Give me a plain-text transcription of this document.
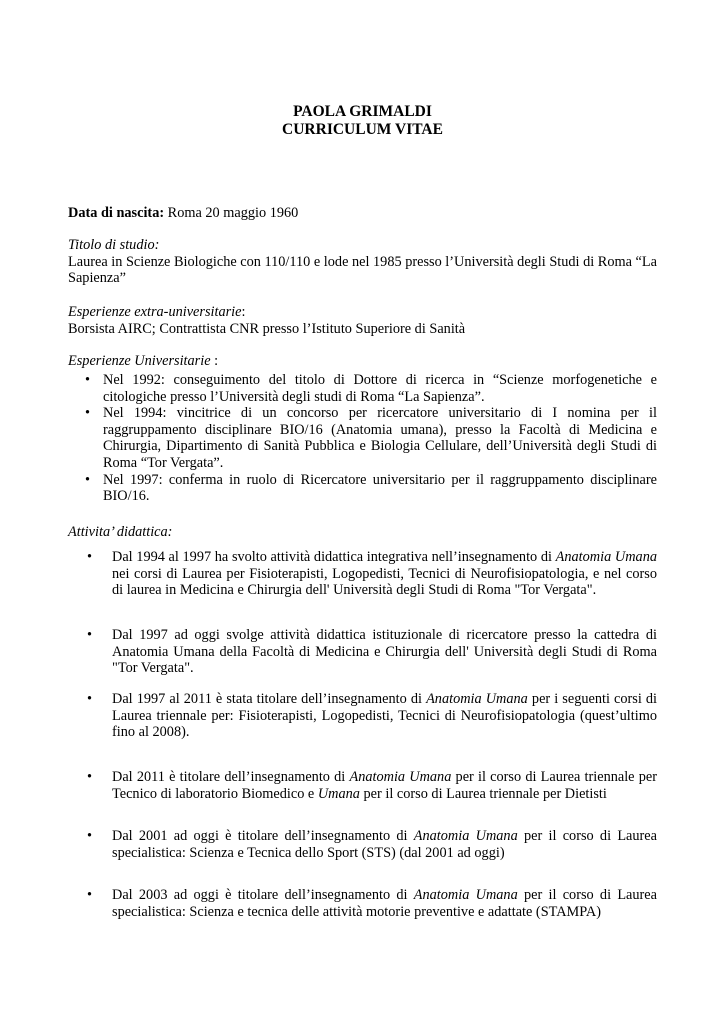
PAOLA GRIMALDI
CURRICULUM VITAE
Data di nascita: Roma 20 maggio 1960
Titolo di studio:
Laurea in Scienze Biologiche con 110/110 e lode nel 1985 presso l’Università degli Studi di Roma “La Sapienza”
Esperienze extra-universitarie:
Borsista AIRC; Contrattista CNR presso l’Istituto Superiore di Sanità
Esperienze Universitarie :
• Nel 1992: conseguimento del titolo di Dottore di ricerca in “Scienze morfogenetiche e citologiche presso l’Università degli studi di Roma “La Sapienza”.
• Nel 1994: vincitrice di un concorso per ricercatore universitario di I nomina per il raggruppamento disciplinare BIO/16 (Anatomia umana), presso la Facoltà di Medicina e Chirurgia, Dipartimento di Sanità Pubblica e Biologia Cellulare, dell’Università degli Studi di Roma “Tor Vergata”.
• Nel 1997: conferma in ruolo di Ricercatore universitario per il raggruppamento disciplinare BIO/16.
Attivita’ didattica:
• Dal 1994 al 1997 ha svolto attività didattica integrativa nell’insegnamento di Anatomia Umana nei corsi di Laurea per Fisioterapisti, Logopedisti, Tecnici di Neurofisiopatologia, e nel corso di laurea in Medicina e Chirurgia dell' Università degli Studi di Roma "Tor Vergata".
• Dal 1997 ad oggi svolge attività didattica istituzionale di ricercatore presso la cattedra di Anatomia Umana della Facoltà di Medicina e Chirurgia dell' Università degli Studi di Roma "Tor Vergata".
• Dal 1997 al 2011 è stata titolare dell’insegnamento di Anatomia Umana per i seguenti corsi di Laurea triennale per: Fisioterapisti, Logopedisti, Tecnici di Neurofisiopatologia (quest’ultimo fino al 2008).
• Dal 2011 è titolare dell’insegnamento di Anatomia Umana per il corso di Laurea triennale per Tecnico di laboratorio Biomedico e Umana per il corso di Laurea triennale per Dietisti
• Dal 2001 ad oggi è titolare dell’insegnamento di Anatomia Umana per il corso di Laurea specialistica: Scienza e Tecnica dello Sport (STS) (dal 2001 ad oggi)
• Dal 2003 ad oggi è titolare dell’insegnamento di Anatomia Umana per il corso di Laurea specialistica: Scienza e tecnica delle attività motorie preventive e adattate (STAMPA)
